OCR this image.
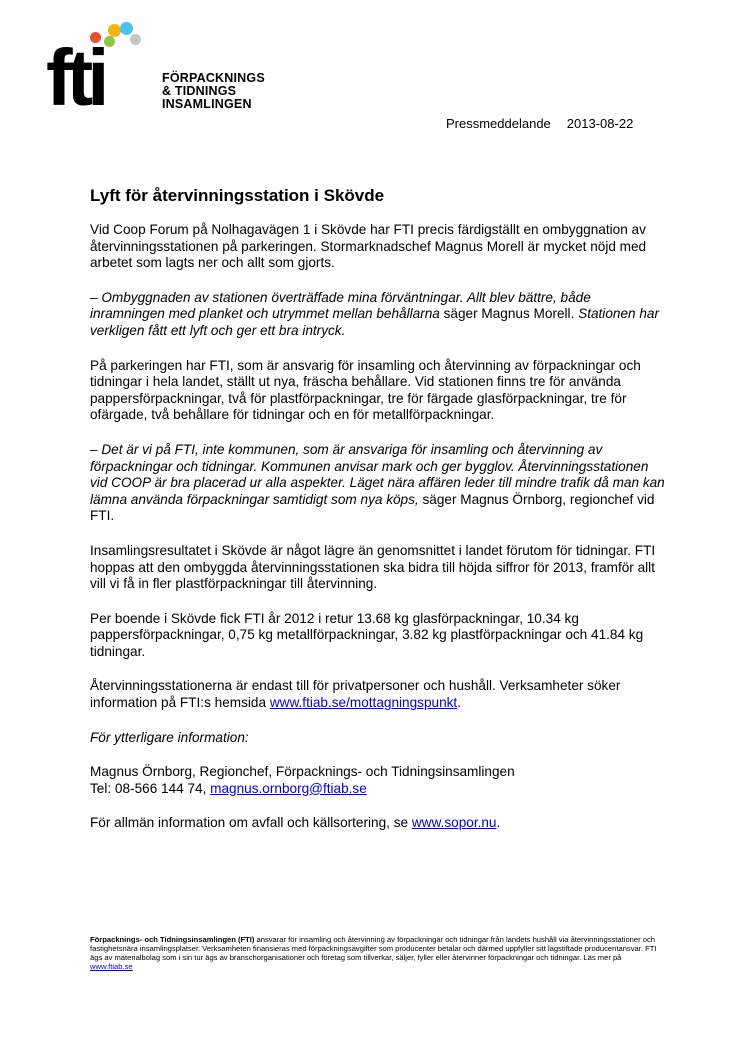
fti	FÖRPACKNINGS
& TIDNINGS
INSAMLINGEN
Pressmeddelande 2013-08-22
Lyft för återvinningsstation i Skövde

Vid Coop Forum på Nolhagavägen 1 i Skövde har FTI precis färdigställt en ombyggnation av återvinningsstationen på parkeringen. Stormarknadschef Magnus Morell är mycket nöjd med arbetet som lagts ner och allt som gjorts.

– Ombyggnaden av stationen överträffade mina förväntningar. Allt blev bättre, både inramningen med planket och utrymmet mellan behållarna säger Magnus Morell. Stationen har verkligen fått ett lyft och ger ett bra intryck.

På parkeringen har FTI, som är ansvarig för insamling och återvinning av förpackningar och tidningar i hela landet, ställt ut nya, fräscha behållare. Vid stationen finns tre för använda pappersförpackningar, två för plastförpackningar, tre för färgade glasförpackningar, tre för ofärgade, två behållare för tidningar och en för metallförpackningar.

– Det är vi på FTI, inte kommunen, som är ansvariga för insamling och återvinning av förpackningar och tidningar. Kommunen anvisar mark och ger bygglov. Återvinningsstationen vid COOP är bra placerad ur alla aspekter. Läget nära affären leder till mindre trafik då man kan lämna använda förpackningar samtidigt som nya köps, säger Magnus Örnborg, regionchef vid FTI.

Insamlingsresultatet i Skövde är något lägre än genomsnittet i landet förutom för tidningar. FTI hoppas att den ombyggda återvinningsstationen ska bidra till höjda siffror för 2013, framför allt vill vi få in fler plastförpackningar till återvinning.

Per boende i Skövde fick FTI år 2012 i retur 13.68 kg glasförpackningar, 10.34 kg pappersförpackningar, 0,75 kg metallförpackningar, 3.82 kg plastförpackningar och 41.84 kg tidningar.

Återvinningsstationerna är endast till för privatpersoner och hushåll. Verksamheter söker information på FTI:s hemsida www.ftiab.se/mottagningspunkt.

För ytterligare information:

Magnus Örnborg, Regionchef, Förpacknings- och Tidningsinsamlingen
Tel: 08-566 144 74, magnus.ornborg@ftiab.se

För allmän information om avfall och källsortering, se www.sopor.nu.

Förpacknings- och Tidningsinsamlingen (FTI) ansvarar för insamling och återvinning av förpackningar och tidningar från landets hushåll via återvinningsstationer och fastighetsnära insamlingsplatser. Verksamheten finansieras med förpackningsavgifter som producenter betalar och därmed uppfyller sitt lagstiftade producentansvar. FTI ägs av materialbolag som i sin tur ägs av branschorganisationer och företag som tillverkar, säljer, fyller eller återvinner förpackningar och tidningar. Läs mer på www.ftiab.se
